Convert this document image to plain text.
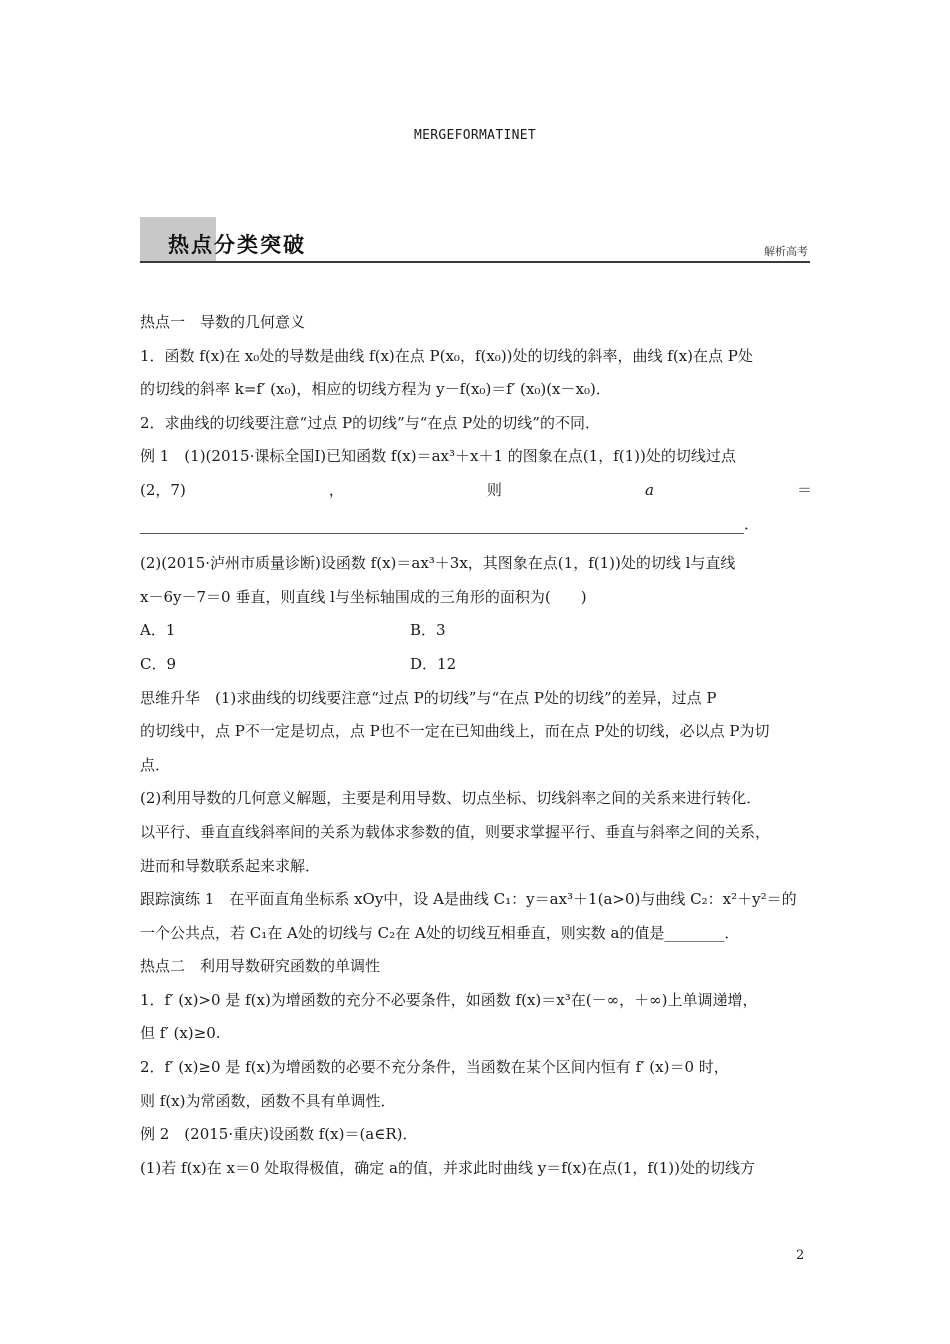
MERGEFORMATINET
热点分类突破	解析高考
热点一　导数的几何意义
1．函数 f(x)在 x₀处的导数是曲线 f(x)在点 P(x₀，f(x₀))处的切线的斜率，曲线 f(x)在点 P处
的切线的斜率 k=f′ (x₀)，相应的切线方程为 y－f(x₀)＝f′ (x₀)(x－x₀)．
2．求曲线的切线要注意“过点 P的切线”与“在点 P处的切线”的不同．
例 1　(1)(2015·课标全国Ⅰ)已知函数 f(x)＝ax³＋x＋1 的图象在点(1，f(1))处的切线过点
(2，7)	，	则	a	＝
．
(2)(2015·泸州市质量诊断)设函数 f(x)＝ax³＋3x，其图象在点(1，f(1))处的切线 l与直线
x－6y－7＝0 垂直，则直线 l与坐标轴围成的三角形的面积为(　　)
A．1	B．3
C．9	D．12
思维升华　(1)求曲线的切线要注意“过点 P的切线”与“在点 P处的切线”的差异，过点 P
的切线中，点 P不一定是切点，点 P也不一定在已知曲线上，而在点 P处的切线，必以点 P为切
点．
(2)利用导数的几何意义解题，主要是利用导数、切点坐标、切线斜率之间的关系来进行转化．
以平行、垂直直线斜率间的关系为载体求参数的值，则要求掌握平行、垂直与斜率之间的关系，
进而和导数联系起来求解．
跟踪演练 1　在平面直角坐标系 xOy中，设 A是曲线 C₁：y＝ax³＋1(a>0)与曲线 C₂：x²＋y²＝的
一个公共点，若 C₁在 A处的切线与 C₂在 A处的切线互相垂直，则实数 a的值是________．
热点二　利用导数研究函数的单调性
1．f′ (x)>0 是 f(x)为增函数的充分不必要条件，如函数 f(x)＝x³在(－∞，＋∞)上单调递增，
但 f′ (x)≥0.
2．f′ (x)≥0 是 f(x)为增函数的必要不充分条件，当函数在某个区间内恒有 f′ (x)＝0 时，
则 f(x)为常函数，函数不具有单调性．
例 2　(2015·重庆)设函数 f(x)＝(a∈R)．
(1)若 f(x)在 x＝0 处取得极值，确定 a的值，并求此时曲线 y＝f(x)在点(1，f(1))处的切线方
2
